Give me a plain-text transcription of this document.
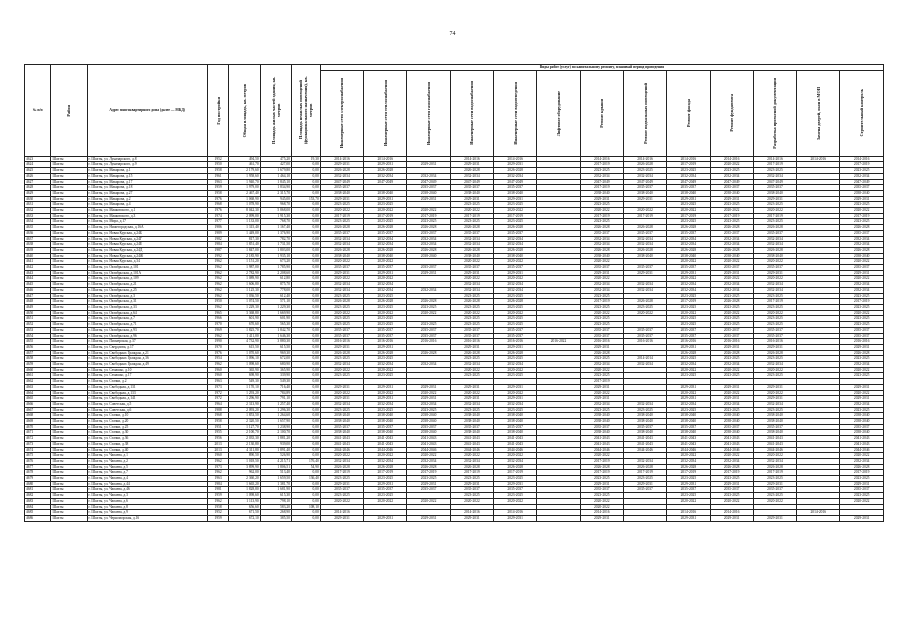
74
№ п/п	Район	Адрес многоквартирного дома (далее — МКД)	Год постройки	Общая площадь, кв. метров	Площадь жилых частей здания, кв. метров	Площадь нежилых помещений (функционального назначения), кв. метров	Виды работ (услуг) по капитальному ремонту, плановый период проведения												

							Инженерные сети электроснабжения	Инженерные сети теплоснабжения	Инженерные сети газоснабжения	Инженерные сети водоснабжения	Инженерные сети водоотведения	Лифтовое оборудование	Ремонт крыши	Ремонт подвальных помещений	Ремонт фасада	Ремонт фундамента	Разработка проектной документации	Замена дверей, окон в МОП	Строительный контроль

4623	Шахты	г. Шахты, ул. Луначарского, д.8	1952	494,50	475,20	19,30	2014-2016	2014-2016		2014-2016	2014-2016		2014-2016	2014-2016	2014-2016	2014-2016	2014-2016	2014-2016	2014-2016
4624	Шахты	г. Шахты, ул. Луначарского, д.9	1950	461,70	427,00	0,00	2029-2031	2029-2031	2029-2031	2029-2031	2029-2031		2017-2019	2026-2028	2017-2019	2020-2022	2017-2019		2017-2019
4625	Шахты	г. Шахты, ул. Макарова, д.1	1958	2 179,60	1 679,80	0,00	2026-2028	2026-2028		2026-2028	2026-2028		2023-2025	2023-2025	2023-2025	2023-2025	2023-2025		2023-2025
4626	Шахты	г. Шахты, ул. Макарова, д.15	1961	1 958,60	1 464,10	0,00	2032-2034	2032-2034	2032-2034	2032-2034	2032-2034		2032-2034	2032-2034	2032-2034	2032-2034	2032-2034		2032-2034
4627	Шахты	г. Шахты, ул. Макарова, д.17	1963	1 940,70	1 845,10	0,00	2047-2049	2047-2049	2047-2049	2047-2049	2047-2049		2047-2049	2047-2049	2047-2049	2047-2049	2047-2049		2047-2049
4628	Шахты	г. Шахты, ул. Макарова, д.18	1959	1 979,00	1 834,90	0,00	2035-2037		2035-2037	2035-2037	2035-2037		2017-2019	2035-2037	2035-2037	2035-2037	2035-2037		2035-2037
4629	Шахты	г. Шахты, ул. Макарова, д.27	1958	2 467,40	2 315,70	0,00	2038-2040	2038-2040	2038-2040	2038-2040	2038-2040		2038-2040	2038-2040	2038-2040	2038-2040	2038-2040		2038-2040
4630	Шахты	г. Шахты, ул. Макарова, д.2	1976	1 068,90	945,00	153,70	2029-2031	2029-2031	2029-2031	2029-2031	2029-2031		2029-2031	2029-2031	2029-2031	2029-2031	2029-2031		2029-2031
4631	Шахты	г. Шахты, ул. Макарова, д.4	1968	1 078,90	968,70	0,00	2023-2025	2023-2025		2023-2025	2023-2025		2023-2025		2023-2025	2023-2025	2023-2025		2023-2025
4632	Шахты	г. Шахты, ул. Маяковского, д.1	1976	8 042,30	5 868,00	0,00	2020-2022	2020-2022	2020-2022	2020-2022	2020-2022		2020-2022	2020-2022	2020-2022	2020-2022	2020-2022		2020-2022
4633	Шахты	г. Шахты, ул. Маяковского, д.3	1974	2 099,00	1 915,30	0,00	2017-2019	2017-2019	2017-2019	2017-2019	2017-2019		2017-2019	2017-2019	2017-2019	2017-2019	2017-2019		2017-2019
4634	Шахты	г. Шахты, ул. Мира, д.17	1977	1 133,00	768,70	0,00	2023-2025	2023-2025	2023-2025	2023-2025	2023-2025		2023-2025		2023-2025	2023-2025	2023-2025		2023-2025
4635	Шахты	г. Шахты, ул. Нижегородская, д.16А	1986	1 315,40	1 167,40	0,00	2026-2028	2026-2028	2026-2028	2026-2028	2026-2028		2026-2028	2026-2028	2026-2028	2026-2028	2026-2028		2026-2028
4636	Шахты	г. Шахты, ул. Новая Курская, д.24Б	1989	1 449,00	1 376,90	0,00	2035-2037	2035-2037	2035-2037	2035-2037	2035-2037		2035-2037	2035-2037	2035-2037	2035-2037	2035-2037		2035-2037
4637	Шахты	г. Шахты, ул. Новая Курская, д.24Г	1982	817,30	782,70	0,00	2032-2034	2032-2034	2032-2034	2032-2034	2032-2034		2032-2034	2032-2034	2032-2034	2032-2034	2032-2034		2032-2034
4638	Шахты	г. Шахты, ул. Новая Курская, д.24Е	1984	1 851,40	1 731,50	0,00	2032-2034	2032-2034	2032-2034	2032-2034	2032-2034		2032-2034	2032-2034	2032-2034	2032-2034	2032-2034		2032-2034
4639	Шахты	г. Шахты, ул. Новая Курская, д.24Д	1987	1 847,00	1 803,00	0,00	2026-2028	2026-2028	2026-2028	2026-2028	2026-2028		2026-2028	2026-2028	2026-2028	2026-2028	2026-2028		2026-2028
4640	Шахты	г. Шахты, ул. Новая Курская, д.24Ж	1992	2 185,90	1 935,10	0,00	2038-2040	2038-2040	2038-2040	2038-2040	2038-2040		2038-2040	2038-2040	2038-2040	2038-2040	2038-2040		2038-2040
4641	Шахты	г. Шахты, ул. Новая Курская, д.34	1962	1 151,20	673,20	0,00	2020-2022	2020-2022		2020-2022	2020-2022		2020-2022		2020-2022	2020-2022	2020-2022		2020-2022
4642	Шахты	г. Шахты, ул. Октябрьская, д.101	1962	1 987,00	1 785,90	0,00	2035-2037	2035-2037	2035-2037	2035-2037	2035-2037		2035-2037	2035-2037	2035-2037	2035-2037	2035-2037		2035-2037
4643	Шахты	г. Шахты, ул. Октябрьская, д.101А	1962	2 782,90	2 208,60	0,00	2029-2031	2029-2031	2029-2031	2029-2031	2029-2031		2029-2031	2029-2031	2029-2031	2029-2031	2029-2031		2029-2031
4644	Шахты	г. Шахты, ул. Октябрьская, д.109	1962	1 089,90	612,80	0,00	2020-2022	2020-2022		2020-2022	2020-2022		2020-2022		2020-2022	2020-2022	2020-2022		2020-2022
4645	Шахты	г. Шахты, ул. Октябрьская, д.21	1962	1 606,80	875,70	0,00	2032-2034	2032-2034		2032-2034	2032-2034		2032-2034	2032-2034	2032-2034	2032-2034	2032-2034		2032-2034
4646	Шахты	г. Шахты, ул. Октябрьская, д.25	1962	1 125,30	778,00	0,00	2032-2034	2032-2034	2032-2034	2032-2034	2032-2034		2032-2034	2032-2034	2032-2034	2032-2034	2032-2034		2032-2034
4647	Шахты	г. Шахты, ул. Октябрьская, д.3	1962	1 036,50	612,40	0,00	2023-2025	2023-2025		2023-2025	2023-2025		2023-2025		2023-2025	2023-2025	2023-2025		2023-2025
4648	Шахты	г. Шахты, ул. Октябрьская, д.31	1950	1 074,50	571,10	0,00	2026-2028	2026-2028	2026-2028	2026-2028	2026-2028		2017-2019	2026-2028	2017-2019	2026-2028	2017-2019		2017-2019
4649	Шахты	г. Шахты, ул. Октябрьская, д.33	1962	1 229,30	1 229,30	0,00	2023-2025	2023-2025	2023-2025	2023-2025	2023-2025		2023-2025	2023-2025	2023-2025	2023-2025	2023-2025		2023-2025
4650	Шахты	г. Шахты, ул. Октябрьская, д.64	1965	3 368,80	1 669,90	0,00	2020-2022	2020-2022	2020-2022	2020-2022	2020-2022		2020-2022	2020-2022	2020-2022	2020-2022	2020-2022		2020-2022
4651	Шахты	г. Шахты, ул. Октябрьская, д.7	1966	601,90	601,90	0,00	2023-2025	2023-2025		2023-2025	2023-2025		2023-2025		2023-2025	2023-2025	2023-2025		2023-2025
4652	Шахты	г. Шахты, ул. Октябрьская, д.71	1970	670,60	565,30	0,00	2023-2025	2023-2025	2023-2025	2023-2025	2023-2025		2023-2025		2023-2025	2023-2025	2023-2025		2023-2025
4653	Шахты	г. Шахты, ул. Октябрьская, д.93	1969	1 825,70	1 842,70	0,00	2035-2037	2035-2037	2035-2037	2035-2037	2035-2037		2035-2037	2035-2037	2035-2037	2035-2037	2035-2037		2035-2037
4654	Шахты	г. Шахты, ул. Октябрьская, д.96	1962	1 411,00	1 646,30	0,00	2035-2037	2035-2037	2035-2037	2035-2037	2035-2037		2035-2037	2035-2037	2035-2037	2035-2037	2035-2037		2035-2037
4655	Шахты	г. Шахты, ул. Пионерская, д.37	1990	4 732,90	3 880,30	0,00	2016-2016	2016-2016	2016-2016	2016-2016	2016-2016	2016-2022	2016-2016	2016-2016	2016-2016	2016-2016	2016-2016		2016-2016
4656	Шахты	г. Шахты, ул. Свердлова, д.17	1970	615,50	615,50	0,00	2029-2031	2029-2031		2029-2031	2029-2031		2029-2031		2029-2031	2029-2031	2029-2031		2029-2031
4657	Шахты	г. Шахты, ул. Свободных Граждан, д.21	1976	1 070,60	969,30	0,00	2026-2028	2026-2028	2026-2028	2026-2028	2026-2028		2026-2028		2026-2028	2026-2028	2026-2028		2026-2028
4658	Шахты	г. Шахты, ул. Свободных Граждан, д.36	1954	1 096,10	672,00	0,00	2023-2025	2023-2025		2023-2025	2023-2025		2023-2025	2014-2014	2023-2025	2023-2025	2023-2025		2023-2025
4659	Шахты	г. Шахты, ул. Свободных Граждан, д.49	1962	1 098,60	680,90	0,00	2032-2034	2032-2034	2032-2034	2032-2034	2032-2034		2032-2034	2032-2034	2032-2034	2032-2034	2032-2034		2032-2034
4660	Шахты	г. Шахты, ул. Семашко, д.10	1960	365,90	365,90	0,00	2020-2022	2020-2022		2020-2022	2020-2022		2020-2022		2020-2022	2020-2022	2020-2022		2020-2022
4661	Шахты	г. Шахты, ул. Семашко, д.17	1960	698,90	339,90	0,00	2023-2025	2023-2025		2023-2025	2023-2025		2023-2025		2023-2025	2023-2025	2023-2025		2023-2025
4662	Шахты	г. Шахты, ул. Стачки, д.2	1963	549,30	549,30	0,00							2017-2019						
4663	Шахты	г. Шахты, ул. Свободная, д.131	1973	1 170,10	716,40	0,00	2029-2031	2029-2031	2029-2031	2029-2031	2029-2031		2029-2031		2029-2031	2029-2031	2029-2031		2029-2031
4664	Шахты	г. Шахты, ул. Свободная, д.133	1972	1 293,20	784,89	0,00	2020-2022	2020-2022	2020-2022	2020-2022	2020-2022		2020-2022		2020-2022	2020-2022	2020-2022		2020-2022
4665	Шахты	г. Шахты, ул. Свободная, д.141	1972	1 296,90	791,10	0,00	2029-2031	2029-2031	2029-2031	2029-2031	2029-2031		2029-2031		2029-2031	2029-2031	2029-2031		2029-2031
4666	Шахты	г. Шахты, ул. Советская, д.5	1964	2 313,90	1 257,40	0,00	2032-2034	2032-2034	2032-2034	2032-2034	2032-2034		2032-2034	2032-2034	2032-2034	2032-2034	2032-2034		2032-2034
4667	Шахты	г. Шахты, ул. Советская, д.6	1988	2 093,20	1 296,30	0,00	2023-2025	2023-2025	2023-2025	2023-2025	2023-2025		2023-2025	2023-2025	2023-2025	2023-2025	2023-2025		2023-2025
4668	Шахты	г. Шахты, ул. Стачки, д.10	1968	1 853,50	1 264,60	0,00	2038-2040	2038-2040	2038-2040	2038-2040	2038-2040		2038-2040	2038-2040	2038-2040	2038-2040	2038-2040		2038-2040
4669	Шахты	г. Шахты, ул. Стачки, д.20	1958	2 320,50	1 657,90	0,00	2038-2040	2038-2040	2038-2040	2038-2040	2038-2040		2038-2040	2038-2040	2038-2040	2038-2040	2038-2040		2038-2040
4670	Шахты	г. Шахты, ул. Стачки, д.25	1951	1 127,70	1 238,90	0,00	2035-2037	2035-2037	2035-2037	2035-2037	2035-2037		2035-2037	2035-2037	2035-2037	2035-2037	2035-2037		2035-2037
4671	Шахты	г. Шахты, ул. Стачки, д.30	1955	2 100,70	2 100,70	0,00	2038-2040	2038-2040	2038-2040	2038-2040	2038-2040		2038-2040	2038-2040	2038-2040	2038-2040	2038-2040		2038-2040
4672	Шахты	г. Шахты, ул. Стачки, д.36	1956	2 035,30	1 881,20	0,00	2041-2043	2041-2043	2041-2043	2041-2043	2041-2043		2041-2043	2041-2043	2041-2043	2041-2043	2041-2043		2041-2043
4673	Шахты	г. Шахты, ул. Стачки, д.38	2013	2 130,80	939,00	0,00	2041-2043	2041-2043	2041-2043	2041-2043	2041-2043		2041-2043	2041-2043	2041-2043	2041-2043	2041-2043		2041-2043
4674	Шахты	г. Шахты, ул. Стачки, д.40	2013	4 311,80	1 891,40	0,00	2044-2046	2044-2046	2044-2046	2044-2046	2044-2046		2044-2046	2044-2046	2044-2046	2044-2046	2044-2046		2044-2046
4675	Шахты	г. Шахты, ул. Чапаева, д.1	1960	890,50	526,90	0,00	2020-2022	2020-2022	2020-2022	2020-2022	2020-2022		2020-2022		2020-2022	2020-2022	2020-2022		2020-2022
4676	Шахты	г. Шахты, ул. Чапаева, д.2	1962	1 018,50	4 215,71	176,40	2032-2034	2032-2034	2032-2034	2032-2034	2032-2034		2017-2019	2032-2034	2032-2034	2032-2034	2032-2034		2032-2034
4677	Шахты	г. Шахты, ул. Чапаева, д.5	1973	3 899,90	1 806,51	54,90	2026-2028	2026-2028	2026-2028	2026-2028	2026-2028		2026-2028	2026-2028	2026-2028	2026-2028	2026-2028		2026-2028
4678	Шахты	г. Шахты, ул. Чапаева, д.7	1962	962,00	513,40	0,00	2017-2019	2017-2019	2017-2019	2017-2019	2017-2019		2017-2019	2017-2019	2017-2019	2017-2019	2017-2019		2017-2019
4679	Шахты	г. Шахты, ул. Чапаева, д.4	1963	2 360,20	1 659,50	136,40	2023-2025	2023-2025	2023-2025	2023-2025	2023-2025		2023-2025	2023-2025	2023-2025	2023-2025	2023-2025		2023-2025
4680	Шахты	г. Шахты, ул. Чапаева, д.44	1984	1 665,20	1 381,70	0,00	2029-2031	2029-2031	2029-2031	2029-2031	2029-2031		2029-2031	2029-2031	2029-2031	2029-2031	2029-2031		2029-2031
4681	Шахты	г. Шахты, ул. Чапаева, д.46	1981	1 828,80	1 681,90	0,00	2035-2037	2035-2037	2035-2037	2035-2037	2035-2037		2035-2037	2035-2037	2035-2037	2035-2037	2035-2037		2035-2037
4682	Шахты	г. Шахты, ул. Чапаева, д.3	1959	1 098,60	615,30	0,00	2023-2025	2023-2025		2023-2025	2023-2025		2023-2025		2023-2025	2023-2025	2023-2025		2023-2025
4683	Шахты	г. Шахты, ул. Чапаева, д.6	1962	1 113,90	798,10	0,00	2020-2022	2020-2022	2020-2022	2020-2022	2020-2022		2020-2022		2020-2022	2020-2022	2020-2022		2020-2022
4684	Шахты	г. Шахты, ул. Чапаева, д.8	1958	656,60	583,20	108,10							2020-2022						
4685	Шахты	г. Шахты, ул. Чапаева, д.9	1952	671,50	268,90	0,00	2014-2016			2014-2016	2014-2016		2014-2016		2014-2016	2014-2016		2014-2016	
4686	Шахты	г. Шахты, ул. Черноморская, д.16	1959	672,10	385,50	0,00	2029-2031	2029-2031	2029-2031	2029-2031	2029-2031		2029-2031		2029-2031	2029-2031	2029-2031		2029-2031
